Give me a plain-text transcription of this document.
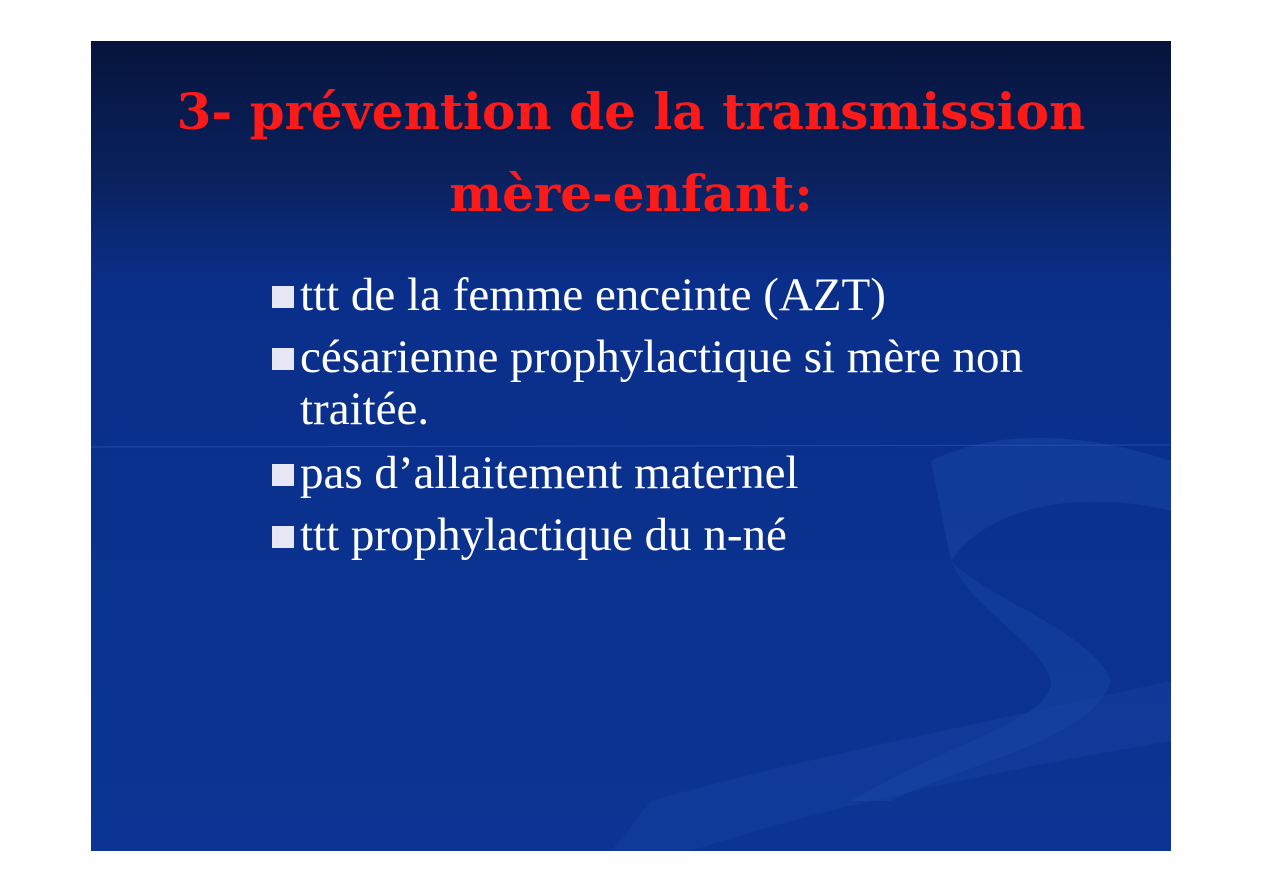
3- prévention de la transmission
mère-enfant:
ttt de la femme enceinte (AZT)
césarienne prophylactique si mère non traitée.
pas d’allaitement maternel
ttt prophylactique du n-né
